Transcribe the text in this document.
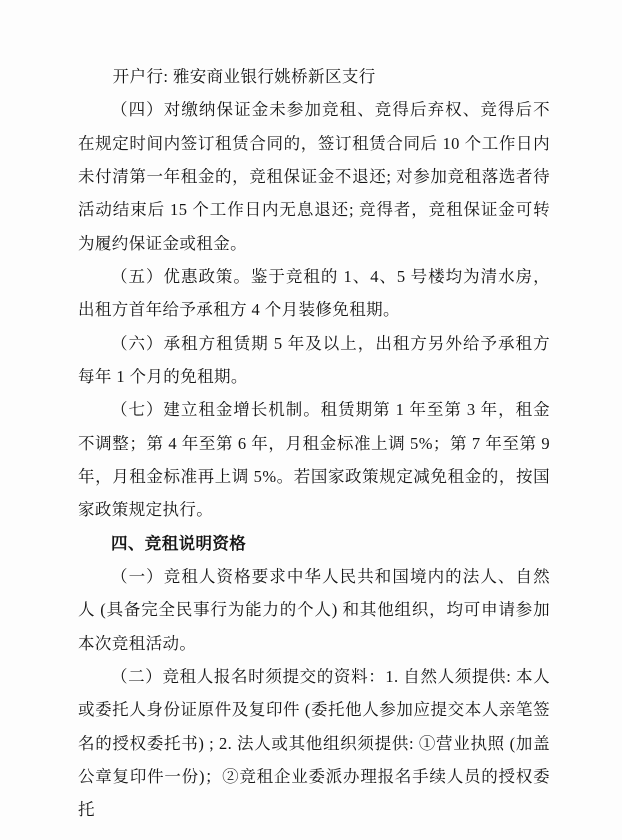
开户行: 雅安商业银行姚桥新区支行

（四）对缴纳保证金未参加竞租、竞得后弃权、竞得后不在规定时间内签订租赁合同的，签订租赁合同后 10 个工作日内未付清第一年租金的，竞租保证金不退还; 对参加竞租落选者待活动结束后 15 个工作日内无息退还; 竞得者，竞租保证金可转为履约保证金或租金。

（五）优惠政策。鉴于竞租的 1、4、5 号楼均为清水房，出租方首年给予承租方 4 个月装修免租期。

（六）承租方租赁期 5 年及以上，出租方另外给予承租方每年 1 个月的免租期。

（七）建立租金增长机制。租赁期第 1 年至第 3 年，租金不调整；第 4 年至第 6 年，月租金标准上调 5%；第 7 年至第 9 年，月租金标准再上调 5%。若国家政策规定减免租金的，按国家政策规定执行。

四、竞租说明资格

（一）竞租人资格要求中华人民共和国境内的法人、自然人 (具备完全民事行为能力的个人) 和其他组织，均可申请参加本次竞租活动。

（二）竞租人报名时须提交的资料：1. 自然人须提供: 本人或委托人身份证原件及复印件 (委托他人参加应提交本人亲笔签名的授权委托书) ; 2. 法人或其他组织须提供: ①营业执照 (加盖公章复印件一份)；②竞租企业委派办理报名手续人员的授权委托
